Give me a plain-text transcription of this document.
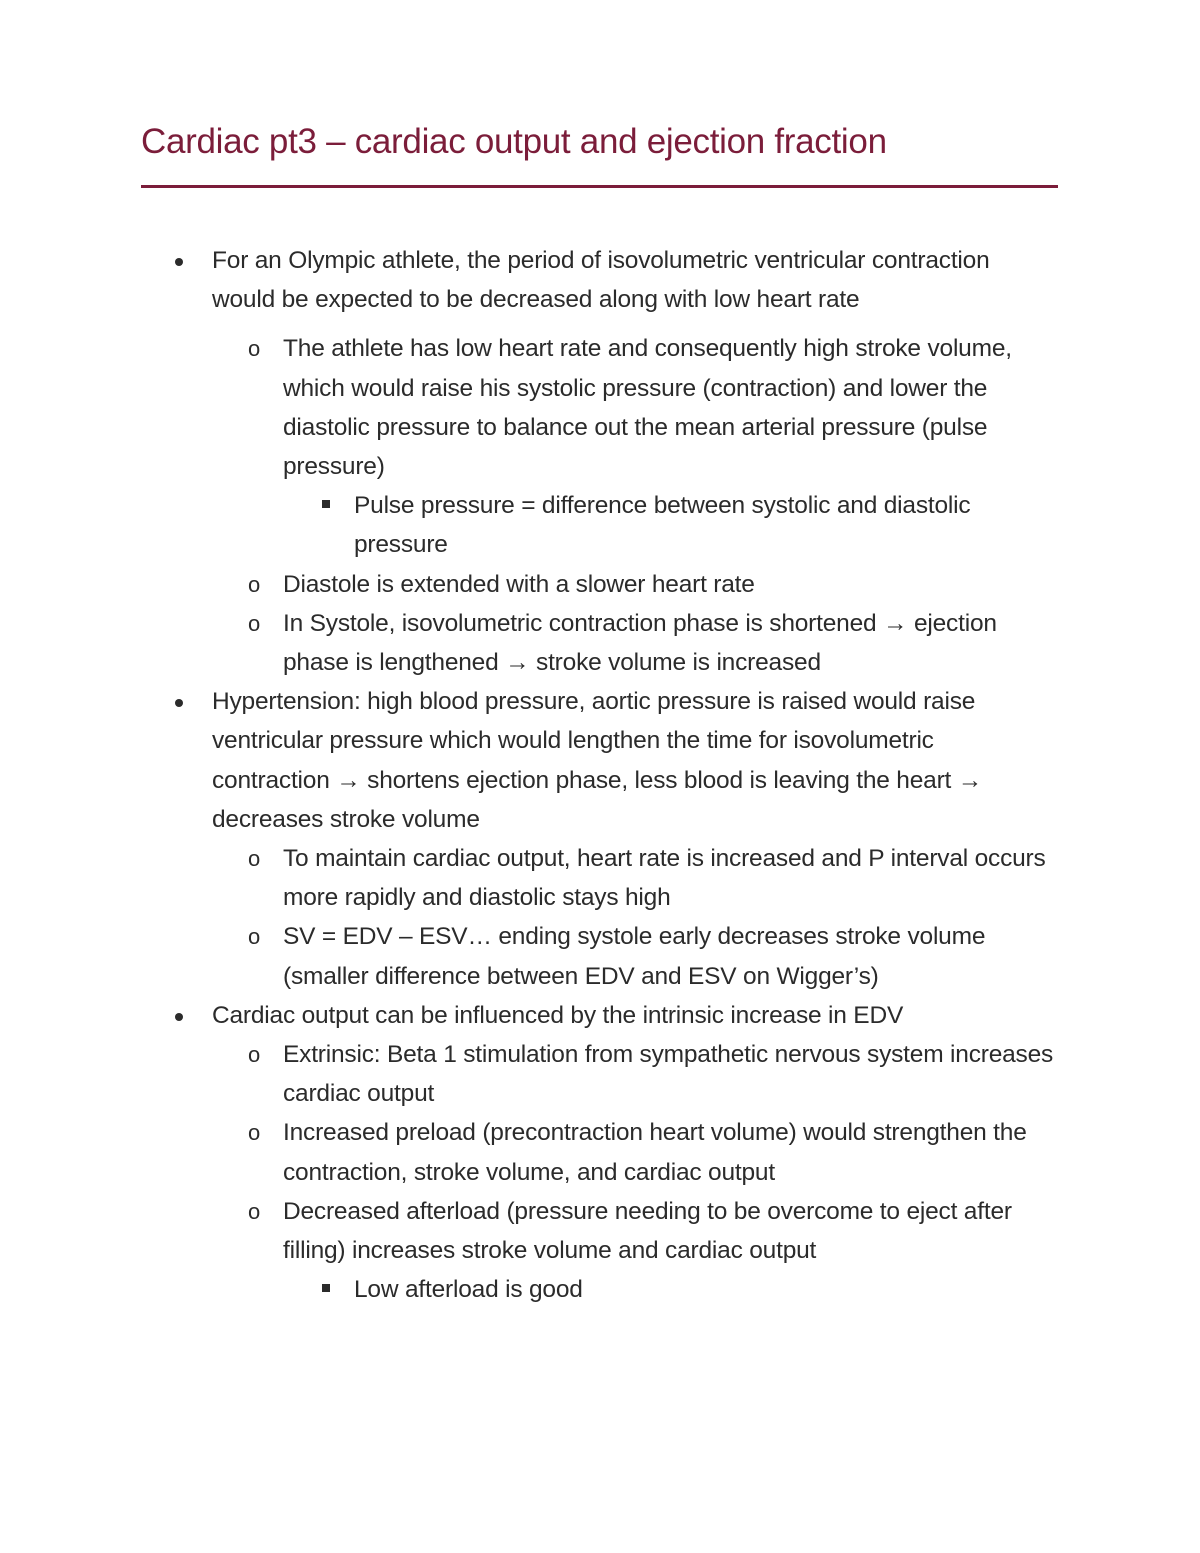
Cardiac pt3 – cardiac output and ejection fraction
For an Olympic athlete, the period of isovolumetric ventricular contraction would be expected to be decreased along with low heart rate
o The athlete has low heart rate and consequently high stroke volume, which would raise his systolic pressure (contraction) and lower the diastolic pressure to balance out the mean arterial pressure (pulse pressure)
Pulse pressure = difference between systolic and diastolic pressure
o Diastole is extended with a slower heart rate
o In Systole, isovolumetric contraction phase is shortened → ejection phase is lengthened → stroke volume is increased
Hypertension: high blood pressure, aortic pressure is raised would raise ventricular pressure which would lengthen the time for isovolumetric contraction → shortens ejection phase, less blood is leaving the heart → decreases stroke volume
o To maintain cardiac output, heart rate is increased and P interval occurs more rapidly and diastolic stays high
o SV = EDV – ESV… ending systole early decreases stroke volume (smaller difference between EDV and ESV on Wigger’s)
Cardiac output can be influenced by the intrinsic increase in EDV
o Extrinsic: Beta 1 stimulation from sympathetic nervous system increases cardiac output
o Increased preload (precontraction heart volume) would strengthen the contraction, stroke volume, and cardiac output
o Decreased afterload (pressure needing to be overcome to eject after filling) increases stroke volume and cardiac output
Low afterload is good
